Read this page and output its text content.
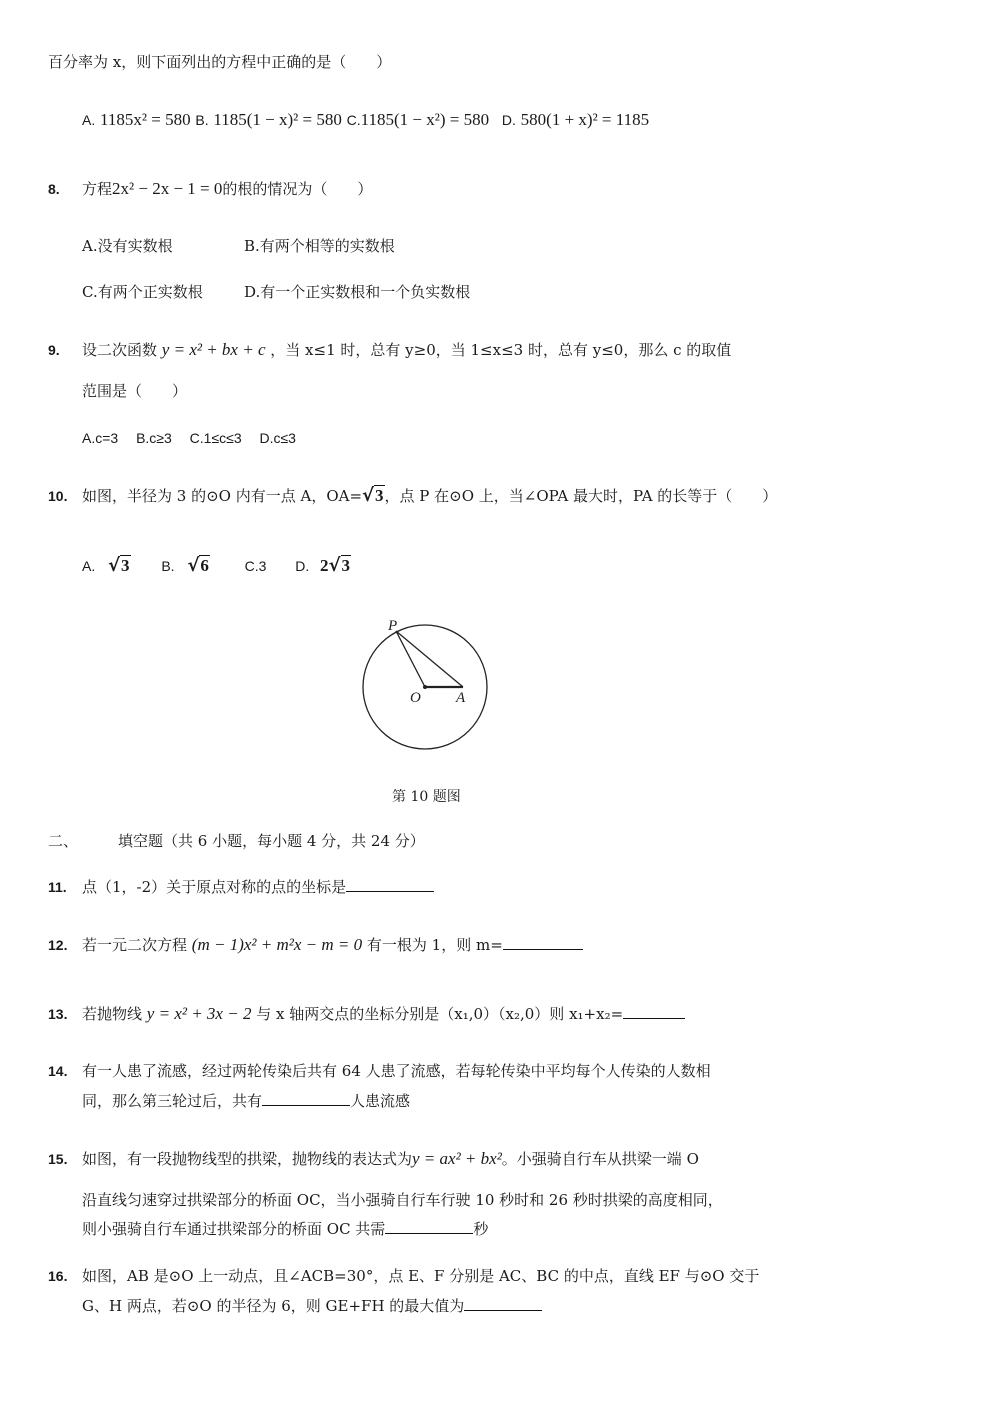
百分率为 x，则下面列出的方程中正确的是（　　）
A. 1185x² = 580 B. 1185(1 − x)² = 580 C.1185(1 − x²) = 580 D. 580(1 + x)² = 1185
8. 方程2x² − 2x − 1 = 0的根的情况为（　　）
A.没有实数根	B.有两个相等的实数根
C.有两个正实数根	D.有一个正实数根和一个负实数根
9. 设二次函数 y = x² + bx + c ，当 x≤1 时，总有 y≥0，当 1≤x≤3 时，总有 y≤0，那么 c 的取值
范围是（　　）
A.c=3　 B.c≥3　 C.1≤c≤3　 D.c≤3
10. 如图，半径为 3 的⊙O 内有一点 A，OA=√3，点 P 在⊙O 上，当∠OPA 最大时，PA 的长等于（　　）
A. √3 B. √6	C.3 D. 2√3
P
O A
第 10 题图
二、	填空题（共 6 小题，每小题 4 分，共 24 分）
11. 点（1，-2）关于原点对称的点的坐标是
12. 若一元二次方程 (m − 1)x² + m²x − m = 0 有一根为 1，则 m=
13. 若抛物线 y = x² + 3x − 2 与 x 轴两交点的坐标分别是（x₁,0）（x₂,0）则 x₁+x₂=
14. 有一人患了流感，经过两轮传染后共有 64 人患了流感，若每轮传染中平均每个人传染的人数相
同，那么第三轮过后，共有	人患流感
15. 如图，有一段抛物线型的拱梁，抛物线的表达式为y = ax² + bx²。小强骑自行车从拱梁一端 O
沿直线匀速穿过拱梁部分的桥面 OC，当小强骑自行车行驶 10 秒时和 26 秒时拱梁的高度相同，
则小强骑自行车通过拱梁部分的桥面 OC 共需	秒
16. 如图，AB 是⊙O 上一动点，且∠ACB=30°，点 E、F 分别是 AC、BC 的中点，直线 EF 与⊙O 交于
G、H 两点，若⊙O 的半径为 6，则 GE+FH 的最大值为
